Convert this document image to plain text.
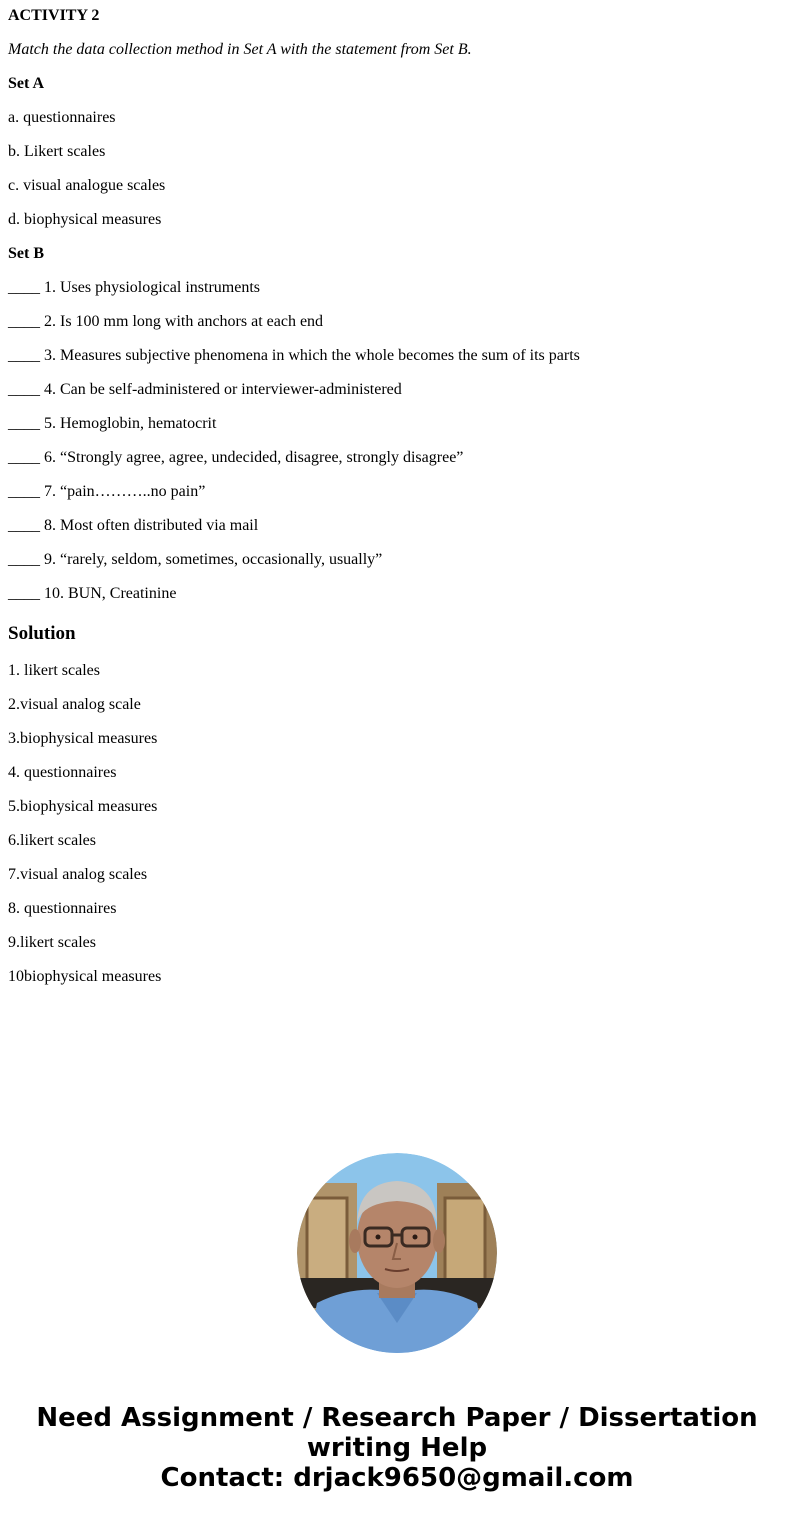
ACTIVITY 2
Match the data collection method in Set A with the statement from Set B.
Set A
a. questionnaires
b. Likert scales
c. visual analogue scales
d. biophysical measures
Set B
____ 1. Uses physiological instruments
____ 2. Is 100 mm long with anchors at each end
____ 3. Measures subjective phenomena in which the whole becomes the sum of its parts
____ 4. Can be self-administered or interviewer-administered
____ 5. Hemoglobin, hematocrit
____ 6. “Strongly agree, agree, undecided, disagree, strongly disagree”
____ 7. “pain………..no pain”
____ 8. Most often distributed via mail
____ 9. “rarely, seldom, sometimes, occasionally, usually”
____ 10. BUN, Creatinine
Solution
1. likert scales
2.visual analog scale
3.biophysical measures
4. questionnaires
5.biophysical measures
6.likert scales
7.visual analog scales
8. questionnaires
9.likert scales
10biophysical measures
Need Assignment / Research Paper / Dissertation
writing Help
Contact: drjack9650@gmail.com
